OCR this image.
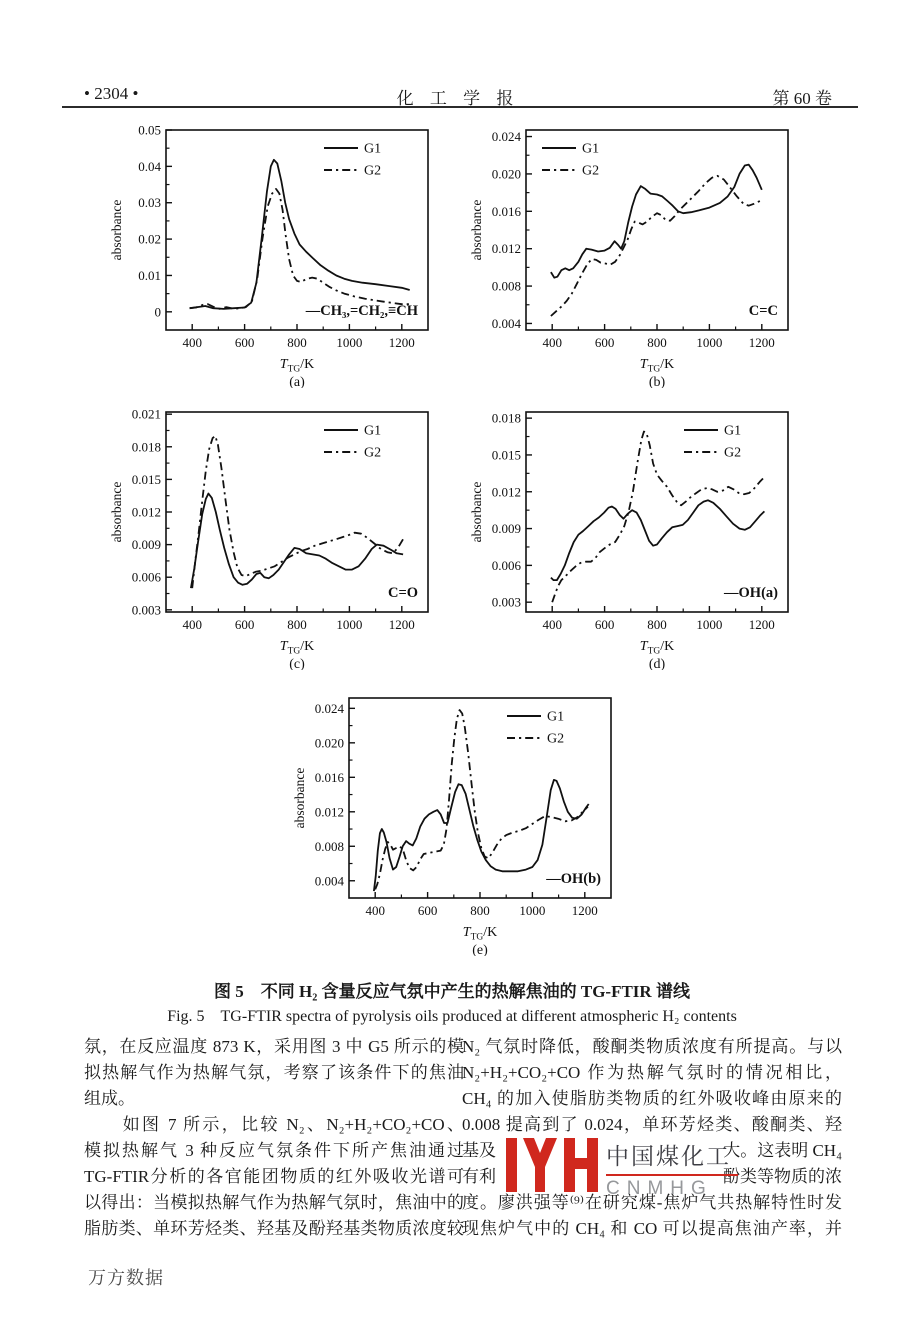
• 2304 •	化 工 学 报	第 60 卷
400	600	800 1000 1200
0
0.01
0.02
0.03
0.04
0.05
G1
G2
—CH₃,=CH₂,≡CH
absorbance
$T_{TG}/K$
(a)
400	600	800 1000 1200
0.004
0.008
0.012
0.016
0.020
0.024
G1
G2
C=C
absorbance
$T_{TG}/K$
(b)
400	600	800 1000 1200
0.003
0.006
0.009
0.012
0.015
0.018
0.021
G1
G2
C=O
absorbance
$T_{TG}/K$
(c)
400	600	800 1000 1200
0.003
0.006
0.009
0.012
0.015
0.018
G1
G2
—OH(a)
absorbance
$T_{TG}/K$
(d)
400	600	800 1000 1200
0.004
0.008
0.012
0.016
0.020
0.024
G1
G2
—OH(b)
absorbance
$T_{TG}/K$
(e)
图 5　不同 H₂ 含量反应气氛中产生的热解焦油的 TG-FTIR 谱线
Fig. 5　TG-FTIR spectra of pyrolysis oils produced at different atmospheric H₂ contents
氛，在反应温度 873 K，采用图 3 中 G5 所示的模
拟热解气作为热解气氛，考察了该条件下的焦油
组成。
　　如图 7 所示，比较 N₂、N₂+H₂+CO₂+CO、
模拟热解气 3 种反应气氛条件下所产焦油通过
TG-FTIR分析的各官能团物质的红外吸收光谱可
以得出：当模拟热解气作为热解气氛时，焦油中的
脂肪类、单环芳烃类、羟基及酚羟基类物质浓度较
N₂ 气氛时降低，酸酮类物质浓度有所提高。与以
N₂+H₂+CO₂+CO 作为热解气氛时的情况相比，
CH₄ 的加入使脂肪类物质的红外吸收峰由原来的
0.008 提高到了 0.024，单环芳烃类、酸酮类、羟
基及	大。这表明 CH₄
有利	酚类等物质的浓
度。廖洪强等⁽⁹⁾在研究煤-焦炉气共热解特性时发
现焦炉气中的 CH₄ 和 CO 可以提高焦油产率，并
中国煤化工
CNMHG
万方数据
